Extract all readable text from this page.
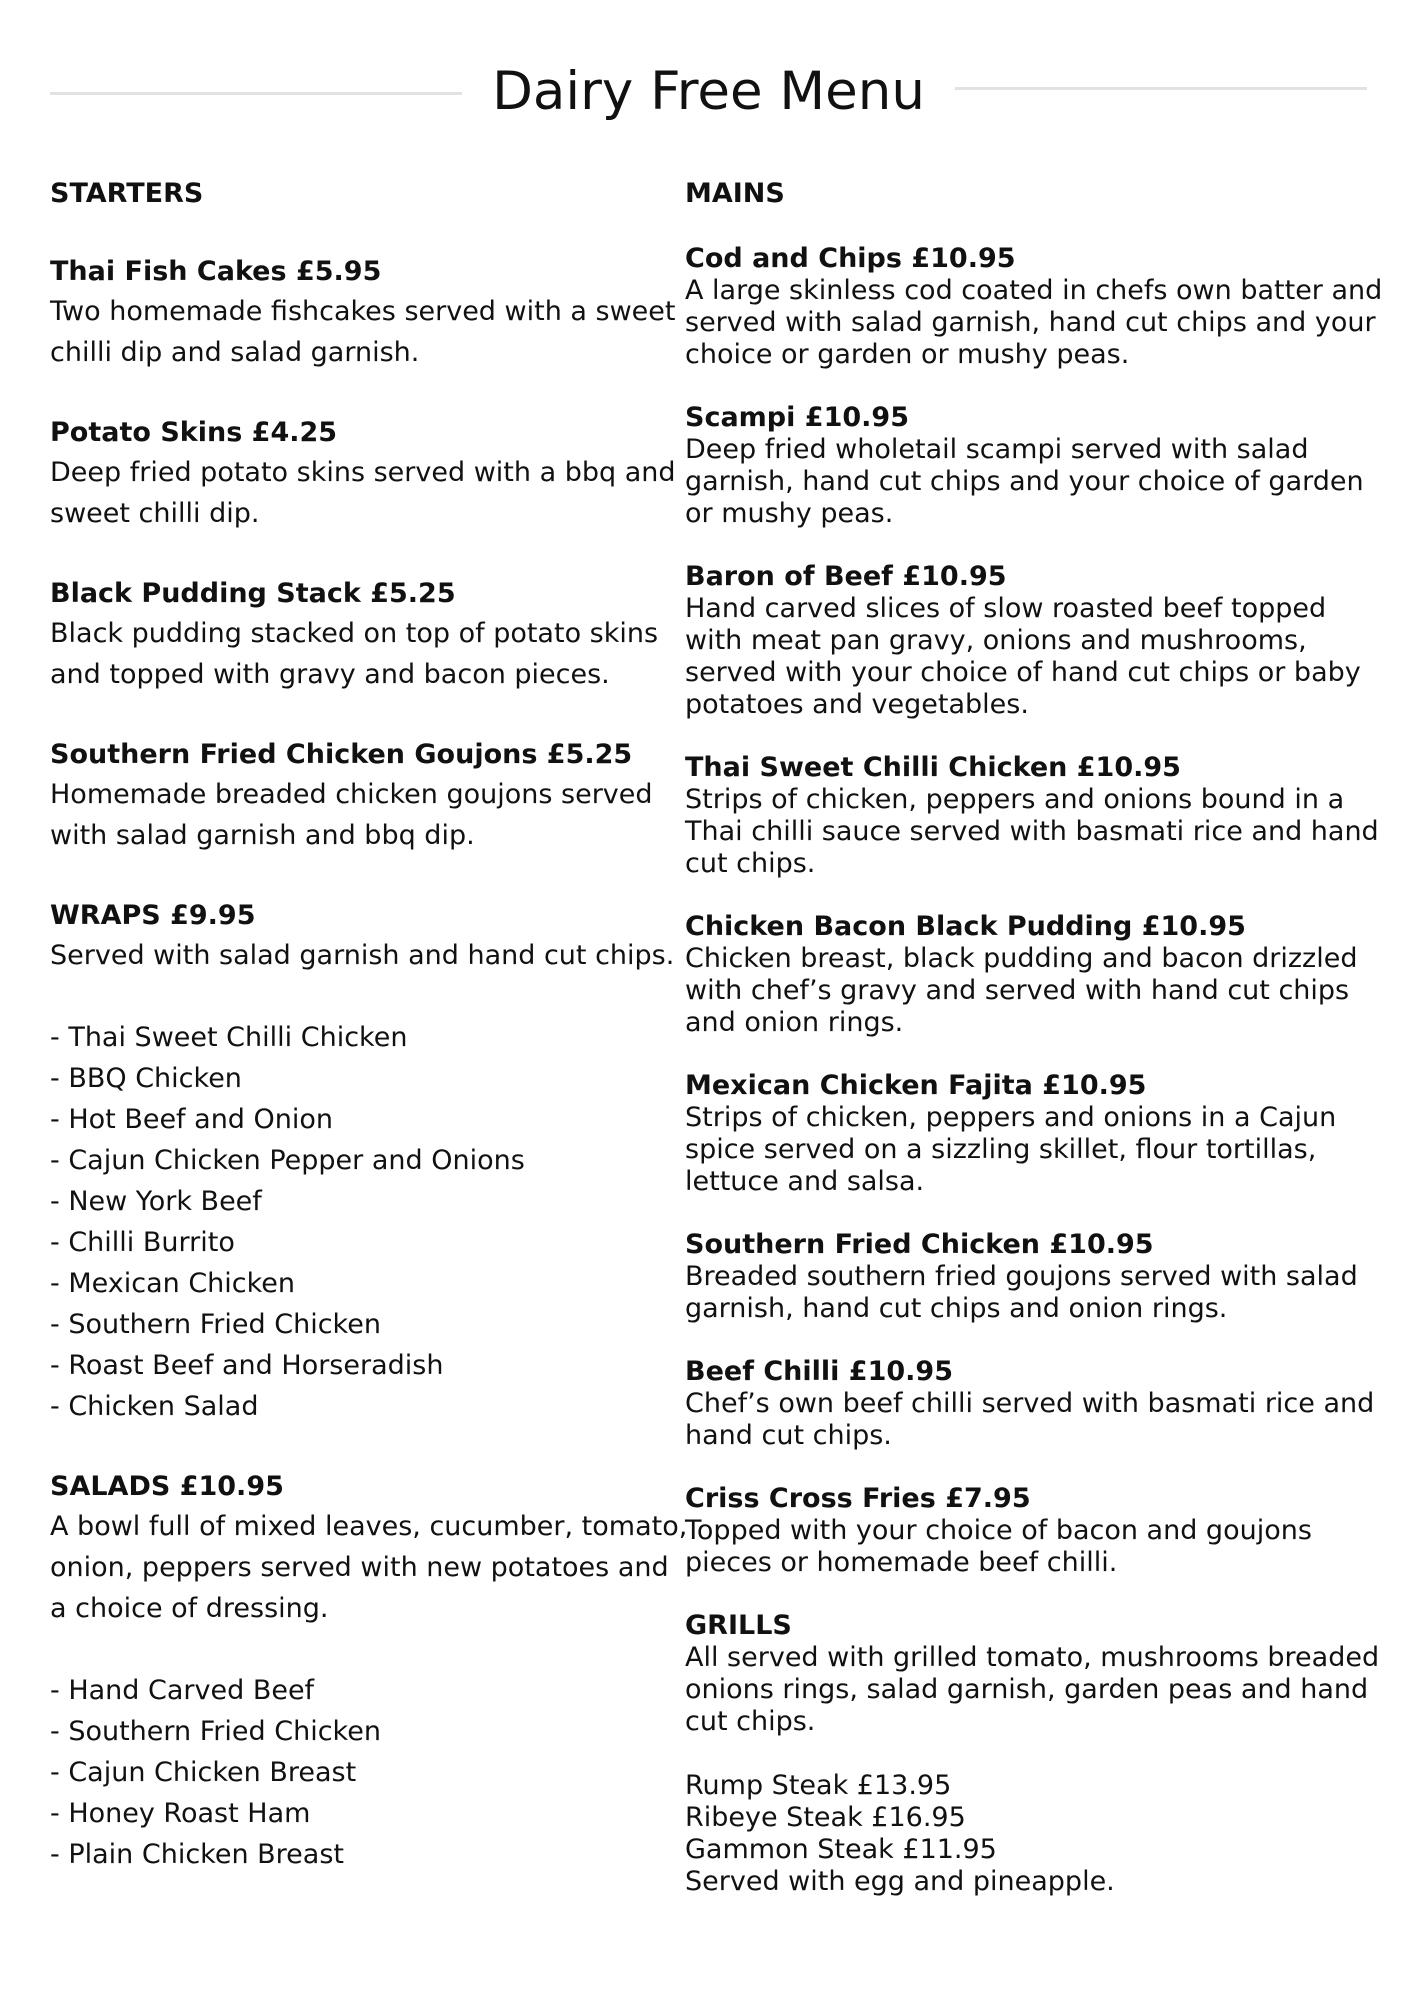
Dairy Free Menu
STARTERS
Thai Fish Cakes £5.95
Two homemade fishcakes served with a sweet chilli dip and salad garnish.
Potato Skins £4.25
Deep fried potato skins served with a bbq and sweet chilli dip.
Black Pudding Stack £5.25
Black pudding stacked on top of potato skins and topped with gravy and bacon pieces.
Southern Fried Chicken Goujons £5.25
Homemade breaded chicken goujons served with salad garnish and bbq dip.
WRAPS £9.95
Served with salad garnish and hand cut chips.
- Thai Sweet Chilli Chicken
- BBQ Chicken
- Hot Beef and Onion
- Cajun Chicken Pepper and Onions
- New York Beef
- Chilli Burrito
- Mexican Chicken
- Southern Fried Chicken
- Roast Beef and Horseradish
- Chicken Salad
SALADS £10.95
A bowl full of mixed leaves, cucumber, tomato, onion, peppers served with new potatoes and a choice of dressing.
- Hand Carved Beef
- Southern Fried Chicken
- Cajun Chicken Breast
- Honey Roast Ham
- Plain Chicken Breast
MAINS
Cod and Chips £10.95
A large skinless cod coated in chefs own batter and served with salad garnish, hand cut chips and your choice or garden or mushy peas.
Scampi £10.95
Deep fried wholetail scampi served with salad garnish, hand cut chips and your choice of garden or mushy peas.
Baron of Beef £10.95
Hand carved slices of slow roasted beef topped with meat pan gravy, onions and mushrooms, served with your choice of hand cut chips or baby potatoes and vegetables.
Thai Sweet Chilli Chicken £10.95
Strips of chicken, peppers and onions bound in a Thai chilli sauce served with basmati rice and hand cut chips.
Chicken Bacon Black Pudding £10.95
Chicken breast, black pudding and bacon drizzled with chef’s gravy and served with hand cut chips and onion rings.
Mexican Chicken Fajita £10.95
Strips of chicken, peppers and onions in a Cajun spice served on a sizzling skillet, flour tortillas, lettuce and salsa.
Southern Fried Chicken £10.95
Breaded southern fried goujons served with salad garnish, hand cut chips and onion rings.
Beef Chilli £10.95
Chef’s own beef chilli served with basmati rice and hand cut chips.
Criss Cross Fries £7.95
Topped with your choice of bacon and goujons pieces or homemade beef chilli.
GRILLS
All served with grilled tomato, mushrooms breaded onions rings, salad garnish, garden peas and hand cut chips.
Rump Steak £13.95
Ribeye Steak £16.95
Gammon Steak £11.95
Served with egg and pineapple.
